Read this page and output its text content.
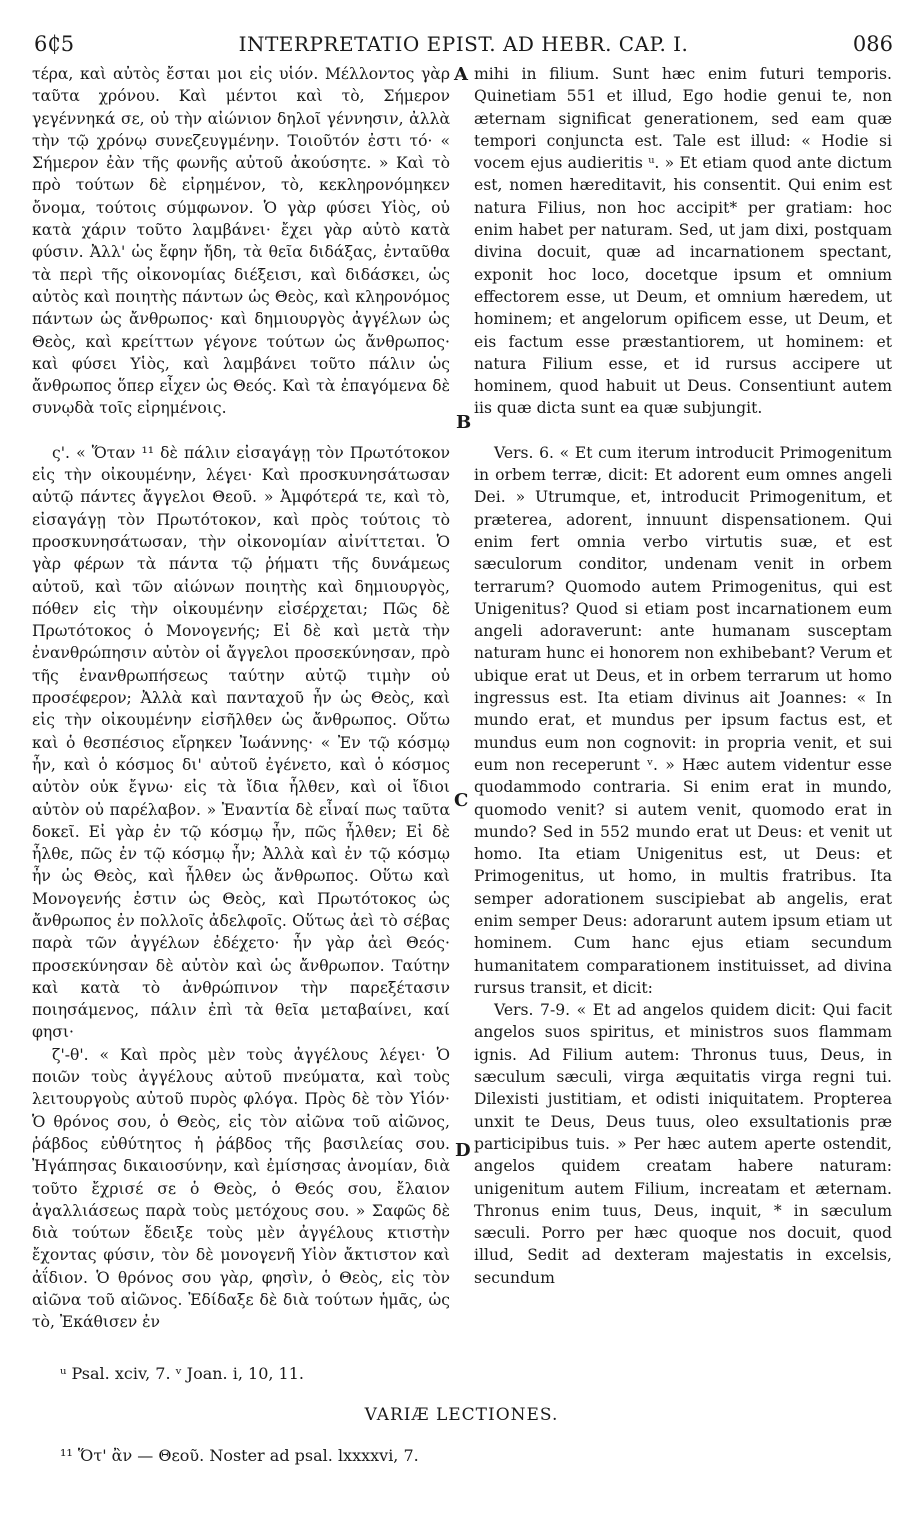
6₵5	INTERPRETATIO EPIST. AD HEBR. CAP. I.	086

τέρα, καὶ αὐτὸς ἔσται μοι εἰς υἱόν. Μέλλοντος γὰρ ταῦτα χρόνου. Καὶ μέντοι καὶ τὸ, Σήμερον γεγέννηκά σε, οὐ τὴν αἰώνιον δηλοῖ γέννησιν, ἀλλὰ τὴν τῷ χρόνῳ συνεζευγμένην. Τοιοῦτόν ἐστι τό· « Σήμερον ἐὰν τῆς φωνῆς αὐτοῦ ἀκούσητε. » Καὶ τὸ πρὸ τούτων δὲ εἰρημένον, τὸ, κεκληρονόμηκεν ὄνομα, τούτοις σύμφωνον. Ὁ γὰρ φύσει Υἱὸς, οὐ κατὰ χάριν τοῦτο λαμβάνει· ἔχει γὰρ αὐτὸ κατὰ φύσιν. Ἀλλ' ὡς ἔφην ἤδη, τὰ θεῖα διδάξας, ἐνταῦθα τὰ περὶ τῆς οἰκονομίας διέξεισι, καὶ διδάσκει, ὡς αὐτὸς καὶ ποιητὴς πάντων ὡς Θεὸς, καὶ κληρονόμος πάντων ὡς ἄνθρωπος· καὶ δημιουργὸς ἀγγέλων ὡς Θεὸς, καὶ κρείττων γέγονε τούτων ὡς ἄνθρωπος· καὶ φύσει Υἱὸς, καὶ λαμβάνει τοῦτο πάλιν ὡς ἄνθρωπος ὅπερ εἶχεν ὡς Θεός. Καὶ τὰ ἐπαγόμενα δὲ συνῳδὰ τοῖς εἰρημένοις.

ς'. « Ὅταν ¹¹ δὲ πάλιν εἰσαγάγῃ τὸν Πρωτότοκον εἰς τὴν οἰκουμένην, λέγει· Καὶ προσκυνησάτωσαν αὐτῷ πάντες ἄγγελοι Θεοῦ. » Ἀμφότερά τε, καὶ τὸ, εἰσαγάγῃ τὸν Πρωτότοκον, καὶ πρὸς τούτοις τὸ προσκυνησάτωσαν, τὴν οἰκονομίαν αἰνίττεται. Ὁ γὰρ φέρων τὰ πάντα τῷ ῥήματι τῆς δυνάμεως αὐτοῦ, καὶ τῶν αἰώνων ποιητὴς καὶ δημιουργὸς, πόθεν εἰς τὴν οἰκουμένην εἰσέρχεται; Πῶς δὲ Πρωτότοκος ὁ Μονογενής; Εἰ δὲ καὶ μετὰ τὴν ἐνανθρώπησιν αὐτὸν οἱ ἄγγελοι προσεκύνησαν, πρὸ τῆς ἐνανθρωπήσεως ταύτην αὐτῷ τιμὴν οὐ προσέφερον; Ἀλλὰ καὶ πανταχοῦ ἦν ὡς Θεὸς, καὶ εἰς τὴν οἰκουμένην εἰσῆλθεν ὡς ἄνθρωπος. Οὕτω καὶ ὁ θεσπέσιος εἴρηκεν Ἰωάννης· « Ἐν τῷ κόσμῳ ἦν, καὶ ὁ κόσμος δι' αὐτοῦ ἐγένετο, καὶ ὁ κόσμος αὐτὸν οὐκ ἔγνω· εἰς τὰ ἴδια ἦλθεν, καὶ οἱ ἴδιοι αὐτὸν οὐ παρέλαβον. » Ἐναντία δὲ εἶναί πως ταῦτα δοκεῖ. Εἰ γὰρ ἐν τῷ κόσμῳ ἦν, πῶς ἦλθεν; Εἰ δὲ ἦλθε, πῶς ἐν τῷ κόσμῳ ἦν; Ἀλλὰ καὶ ἐν τῷ κόσμῳ ἦν ὡς Θεὸς, καὶ ἦλθεν ὡς ἄνθρωπος. Οὕτω καὶ Μονογενής ἐστιν ὡς Θεὸς, καὶ Πρωτότοκος ὡς ἄνθρωπος ἐν πολλοῖς ἀδελφοῖς. Οὕτως ἀεὶ τὸ σέβας παρὰ τῶν ἀγγέλων ἐδέχετο· ἦν γὰρ ἀεὶ Θεός· προσεκύνησαν δὲ αὐτὸν καὶ ὡς ἄνθρωπον. Ταύτην καὶ κατὰ τὸ ἀνθρώπινον τὴν παρεξέτασιν ποιησάμενος, πάλιν ἐπὶ τὰ θεῖα μεταβαίνει, καί φησι·

ζ'-θ'. « Καὶ πρὸς μὲν τοὺς ἀγγέλους λέγει· Ὁ ποιῶν τοὺς ἀγγέλους αὐτοῦ πνεύματα, καὶ τοὺς λειτουργοὺς αὐτοῦ πυρὸς φλόγα. Πρὸς δὲ τὸν Υἱόν· Ὁ θρόνος σου, ὁ Θεὸς, εἰς τὸν αἰῶνα τοῦ αἰῶνος, ῥάβδος εὐθύτητος ἡ ῥάβδος τῆς βασιλείας σου. Ἠγάπησας δικαιοσύνην, καὶ ἐμίσησας ἀνομίαν, διὰ τοῦτο ἔχρισέ σε ὁ Θεὸς, ὁ Θεός σου, ἔλαιον ἀγαλλιάσεως παρὰ τοὺς μετόχους σου. » Σαφῶς δὲ διὰ τούτων ἔδειξε τοὺς μὲν ἀγγέλους κτιστὴν ἔχοντας φύσιν, τὸν δὲ μονογενῆ Υἱὸν ἄκτιστον καὶ ἀΐδιον. Ὁ θρόνος σου γὰρ, φησὶν, ὁ Θεὸς, εἰς τὸν αἰῶνα τοῦ αἰῶνος. Ἐδίδαξε δὲ διὰ τούτων ἡμᾶς, ὡς τὸ, Ἐκάθισεν ἐν

A
B
C
D

mihi in filium. Sunt hæc enim futuri temporis. Quinetiam 551 et illud, Ego hodie genui te, non æternam significat generationem, sed eam quæ tempori conjuncta est. Tale est illud: « Hodie si vocem ejus audieritis ᵘ. » Et etiam quod ante dictum est, nomen hæreditavit, his consentit. Qui enim est natura Filius, non hoc accipit* per gratiam: hoc enim habet per naturam. Sed, ut jam dixi, postquam divina docuit, quæ ad incarnationem spectant, exponit hoc loco, docetque ipsum et omnium effectorem esse, ut Deum, et omnium hæredem, ut hominem; et angelorum opificem esse, ut Deum, et eis factum esse præstantiorem, ut hominem: et natura Filium esse, et id rursus accipere ut hominem, quod habuit ut Deus. Consentiunt autem iis quæ dicta sunt ea quæ subjungit.

Vers. 6. « Et cum iterum introducit Primogenitum in orbem terræ, dicit: Et adorent eum omnes angeli Dei. » Utrumque, et, introducit Primogenitum, et præterea, adorent, innuunt dispensationem. Qui enim fert omnia verbo virtutis suæ, et est sæculorum conditor, undenam venit in orbem terrarum? Quomodo autem Primogenitus, qui est Unigenitus? Quod si etiam post incarnationem eum angeli adoraverunt: ante humanam susceptam naturam hunc ei honorem non exhibebant? Verum et ubique erat ut Deus, et in orbem terrarum ut homo ingressus est. Ita etiam divinus ait Joannes: « In mundo erat, et mundus per ipsum factus est, et mundus eum non cognovit: in propria venit, et sui eum non receperunt ᵛ. » Hæc autem videntur esse quodammodo contraria. Si enim erat in mundo, quomodo venit? si autem venit, quomodo erat in mundo? Sed in 552 mundo erat ut Deus: et venit ut homo. Ita etiam Unigenitus est, ut Deus: et Primogenitus, ut homo, in multis fratribus. Ita semper adorationem suscipiebat ab angelis, erat enim semper Deus: adorarunt autem ipsum etiam ut hominem. Cum hanc ejus etiam secundum humanitatem comparationem instituisset, ad divina rursus transit, et dicit:

Vers. 7-9. « Et ad angelos quidem dicit: Qui facit angelos suos spiritus, et ministros suos flammam ignis. Ad Filium autem: Thronus tuus, Deus, in sæculum sæculi, virga æquitatis virga regni tui. Dilexisti justitiam, et odisti iniquitatem. Propterea unxit te Deus, Deus tuus, oleo exsultationis præ participibus tuis. » Per hæc autem aperte ostendit, angelos quidem creatam habere naturam: unigenitum autem Filium, increatam et æternam. Thronus enim tuus, Deus, inquit, * in sæculum sæculi. Porro per hæc quoque nos docuit, quod illud, Sedit ad dexteram majestatis in excelsis, secundum

ᵘ Psal. xciv, 7. ᵛ Joan. i, 10, 11.
VARIÆ LECTIONES.
¹¹ Ὅτ' ἂν — Θεοῦ. Noster ad psal. lxxxxvi, 7.
